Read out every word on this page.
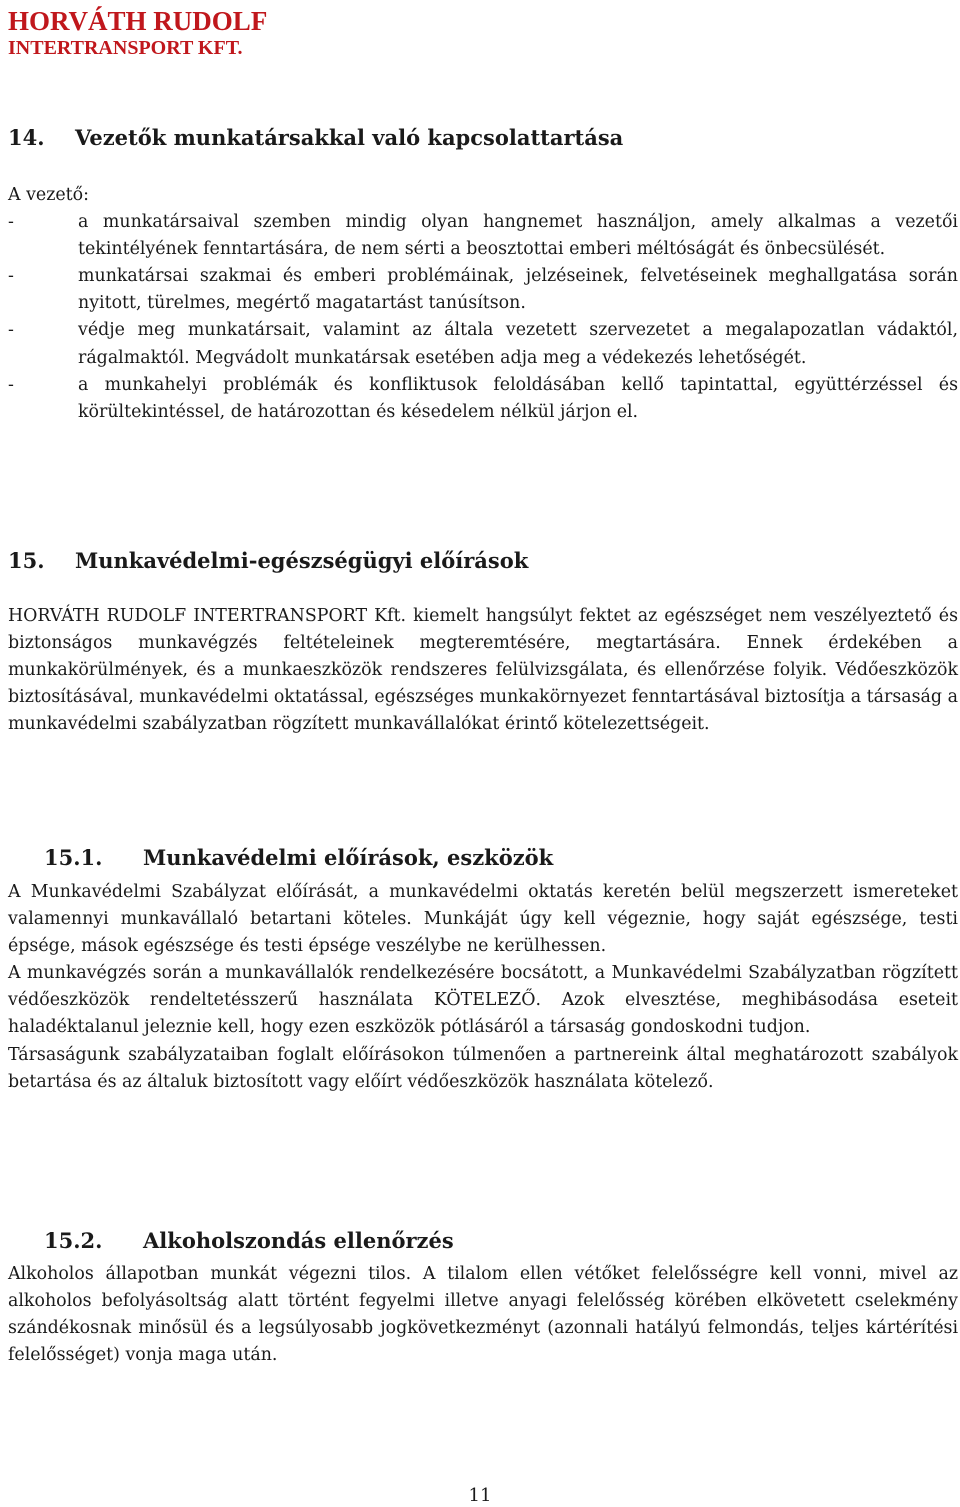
HORVÁTH RUDOLF
INTERTRANSPORT KFT.
14. Vezetők munkatársakkal való kapcsolattartása

A vezető:

-	a munkatársaival szemben mindig olyan hangnemet használjon, amely alkalmas a vezetői tekintélyének fenntartására, de nem sérti a beosztottai emberi méltóságát és önbecsülését.
-	munkatársai szakmai és emberi problémáinak, jelzéseinek, felvetéseinek meghallgatása során nyitott, türelmes, megértő magatartást tanúsítson.
-	védje meg munkatársait, valamint az általa vezetett szervezetet a megalapozatlan vádaktól, rágalmaktól. Megvádolt munkatársak esetében adja meg a védekezés lehetőségét.
-	a munkahelyi problémák és konfliktusok feloldásában kellő tapintattal, együttérzéssel és körültekintéssel, de határozottan és késedelem nélkül járjon el.
15. Munkavédelmi-egészségügyi előírások

HORVÁTH RUDOLF INTERTRANSPORT Kft. kiemelt hangsúlyt fektet az egészséget nem veszélyeztető és biztonságos munkavégzés feltételeinek megteremtésére, megtartására. Ennek érdekében a munkakörülmények, és a munkaeszközök rendszeres felülvizsgálata, és ellenőrzése folyik. Védőeszközök biztosításával, munkavédelmi oktatással, egészséges munkakörnyezet fenntartásával biztosítja a társaság a munkavédelmi szabályzatban rögzített munkavállalókat érintő kötelezettségeit.

15.1. Munkavédelmi előírások, eszközök

A Munkavédelmi Szabályzat előírását, a munkavédelmi oktatás keretén belül megszerzett ismereteket valamennyi munkavállaló betartani köteles. Munkáját úgy kell végeznie, hogy saját egészsége, testi épsége, mások egészsége és testi épsége veszélybe ne kerülhessen.

A munkavégzés során a munkavállalók rendelkezésére bocsátott, a Munkavédelmi Szabályzatban rögzített védőeszközök rendeltetésszerű használata KÖTELEZŐ. Azok elvesztése, meghibásodása eseteit haladéktalanul jeleznie kell, hogy ezen eszközök pótlásáról a társaság gondoskodni tudjon.

Társaságunk szabályzataiban foglalt előírásokon túlmenően a partnereink által meghatározott szabályok betartása és az általuk biztosított vagy előírt védőeszközök használata kötelező.

15.2. Alkoholszondás ellenőrzés

Alkoholos állapotban munkát végezni tilos. A tilalom ellen vétőket felelősségre kell vonni, mivel az alkoholos befolyásoltság alatt történt fegyelmi illetve anyagi felelősség körében elkövetett cselekmény szándékosnak minősül és a legsúlyosabb jogkövetkezményt (azonnali hatályú felmondás, teljes kártérítési felelősséget) vonja maga után.

11
